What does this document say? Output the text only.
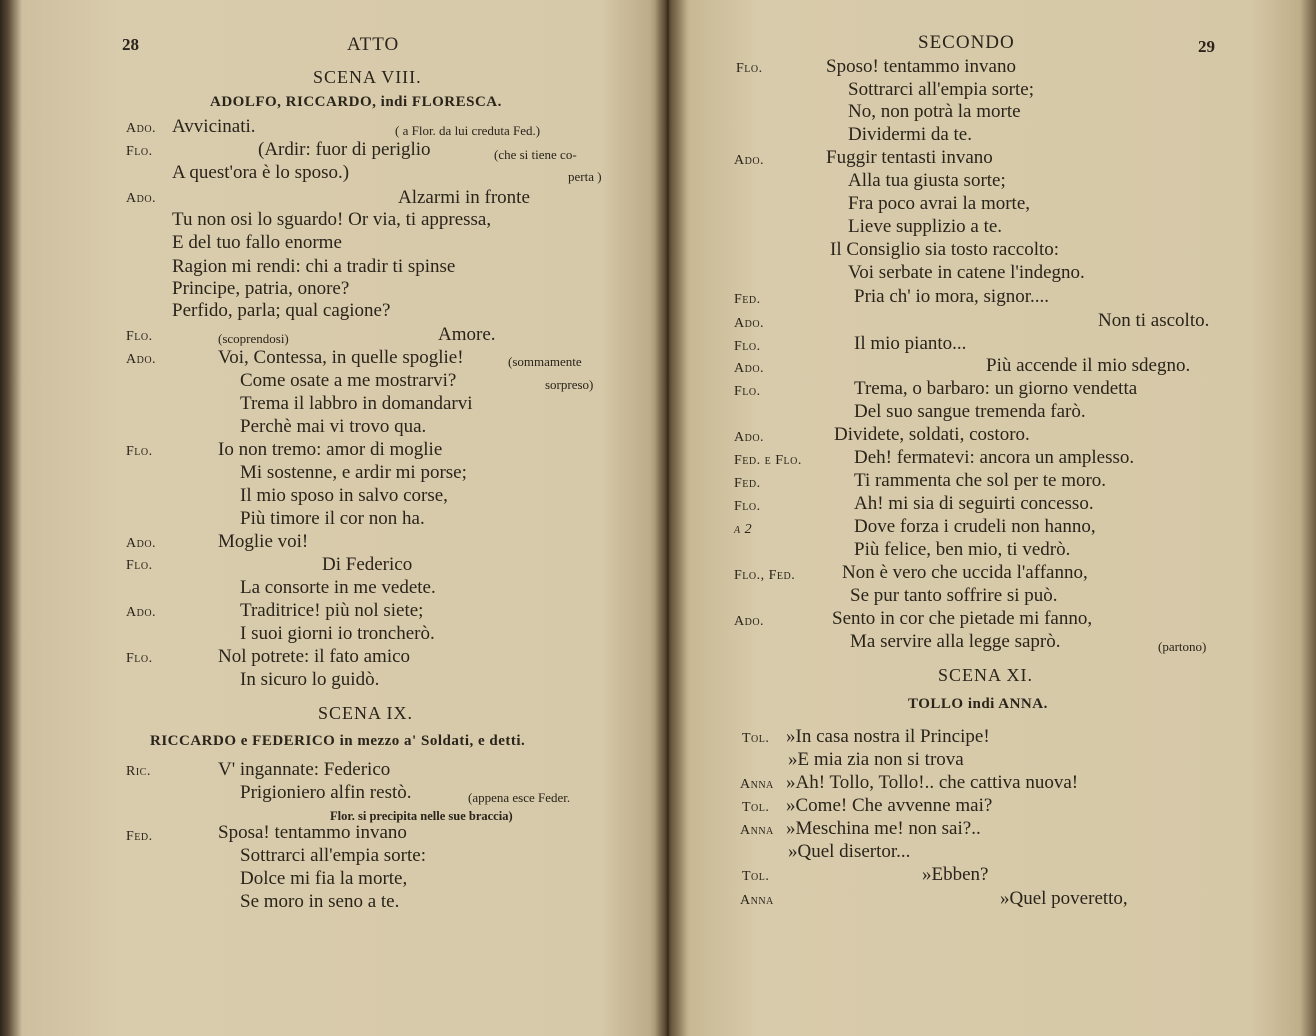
28	ATTO
SCENA VIII.
ADOLFO, RICCARDO, indi FLORESCA.
Ado. Avvicinati.	( a Flor. da lui creduta Fed.)
Flo.	(Ardir: fuor di periglio	(che si tiene co-
A quest'ora è lo sposo.)	perta )
Ado.	Alzarmi in fronte
Tu non osi lo sguardo! Or via, ti appressa,
E del tuo fallo enorme
Ragion mi rendi: chi a tradir ti spinse
Principe, patria, onore?
Perfido, parla; qual cagione?
Flo.	(scoprendosi)	Amore.
Ado.	Voi, Contessa, in quelle spoglie!	(sommamente
Come osate a me mostrarvi?	sorpreso)
Trema il labbro in domandarvi
Perchè mai vi trovo qua.
Flo.	Io non tremo: amor di moglie
Mi sostenne, e ardir mi porse;
Il mio sposo in salvo corse,
Più timore il cor non ha.
Ado.	Moglie voi!
Flo.	Di Federico
La consorte in me vedete.
Ado.	Traditrice! più nol siete;
I suoi giorni io troncherò.
Flo.	Nol potrete: il fato amico
In sicuro lo guidò.
SCENA IX.
RICCARDO e FEDERICO in mezzo a' Soldati, e detti.
Ric.	V' ingannate: Federico
Prigioniero alfin restò.	(appena esce Feder.
Flor. si precipita nelle sue braccia)
Fed.	Sposa! tentammo invano
Sottrarci all'empia sorte:
Dolce mi fia la morte,
Se moro in seno a te.
SECONDO	29
Flo.	Sposo! tentammo invano
Sottrarci all'empia sorte;
No, non potrà la morte
Dividermi da te.
Ado.	Fuggir tentasti invano
Alla tua giusta sorte;
Fra poco avrai la morte,
Lieve supplizio a te.
Il Consiglio sia tosto raccolto:
Voi serbate in catene l'indegno.
Fed.	Pria ch' io mora, signor....
Ado.	Non ti ascolto.
Flo.	Il mio pianto...
Ado.	Più accende il mio sdegno.
Flo.	Trema, o barbaro: un giorno vendetta
Del suo sangue tremenda farò.
Ado.	Dividete, soldati, costoro.
Fed. e Flo.	Deh! fermatevi: ancora un amplesso.
Fed.	Ti rammenta che sol per te moro.
Flo.	Ah! mi sia di seguirti concesso.
a 2	Dove forza i crudeli non hanno,
Più felice, ben mio, ti vedrò.
Flo., Fed. Non è vero che uccida l'affanno,
Se pur tanto soffrire si può.
Ado.	Sento in cor che pietade mi fanno,
Ma servire alla legge saprò.	(partono)
SCENA XI.
TOLLO indi ANNA.
Tol. »In casa nostra il Principe!
»E mia zia non si trova
Anna »Ah! Tollo, Tollo!.. che cattiva nuova!
Tol. »Come! Che avvenne mai?
Anna »Meschina me! non sai?..
»Quel disertor...
Tol.	»Ebben?
Anna	»Quel poveretto,
